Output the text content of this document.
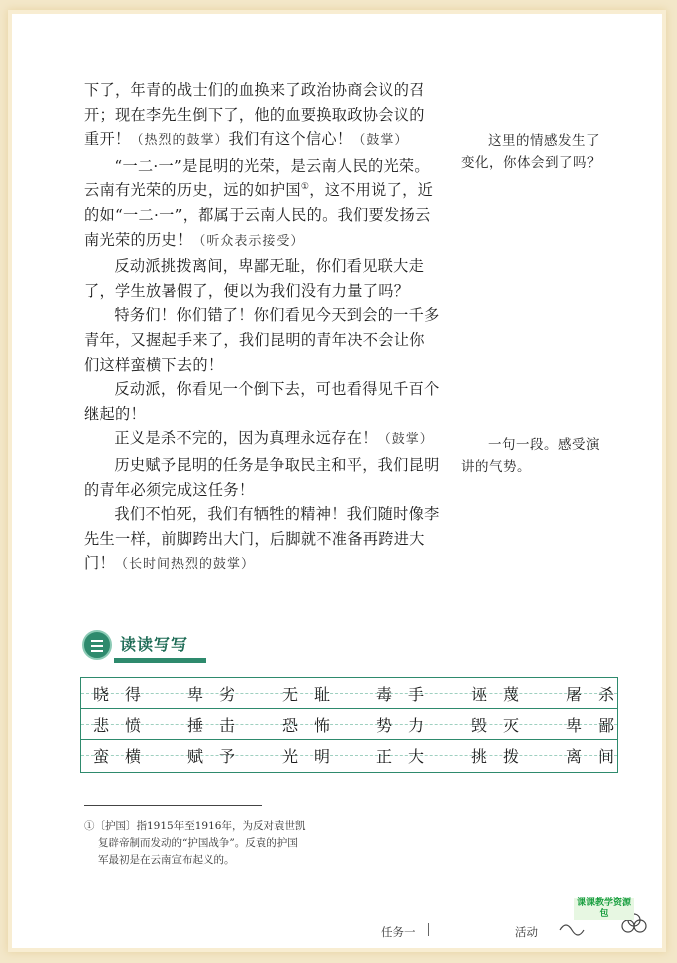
下了，年青的战士们的血换来了政治协商会议的召开；现在李先生倒下了，他的血要换取政协会议的重开！（热烈的鼓掌）我们有这个信心！（鼓掌）

“一二·一”是昆明的光荣，是云南人民的光荣。云南有光荣的历史，远的如护国①，这不用说了，近的如“一二·一”，都属于云南人民的。我们要发扬云南光荣的历史！（听众表示接受）

反动派挑拨离间，卑鄙无耻，你们看见联大走了，学生放暑假了，便以为我们没有力量了吗？

特务们！你们错了！你们看见今天到会的一千多青年，又握起手来了，我们昆明的青年决不会让你们这样蛮横下去的！

反动派，你看见一个倒下去，可也看得见千百个继起的！

正义是杀不完的，因为真理永远存在！（鼓掌）

历史赋予昆明的任务是争取民主和平，我们昆明的青年必须完成这任务！

我们不怕死，我们有牺牲的精神！我们随时像李先生一样，前脚跨出大门，后脚就不准备再跨进大门！（长时间热烈的鼓掌）

这里的情感发生了
变化，你体会到了吗？
一句一段。感受演
讲的气势。
读读写写
晓 得	卑 劣	无 耻	毒 手	诬 蔑	屠 杀
悲 愤	捶 击	恐 怖	势 力	毁 灭	卑 鄙
蛮 横	赋 予	光 明	正 大	挑 拨	离 间
①〔护国〕指1915年至1916年，为反对袁世凯
复辟帝制而发动的“护国战争”。反袁的护国
军最初是在云南宣布起义的。
任务一	活动
课课教学资源包
